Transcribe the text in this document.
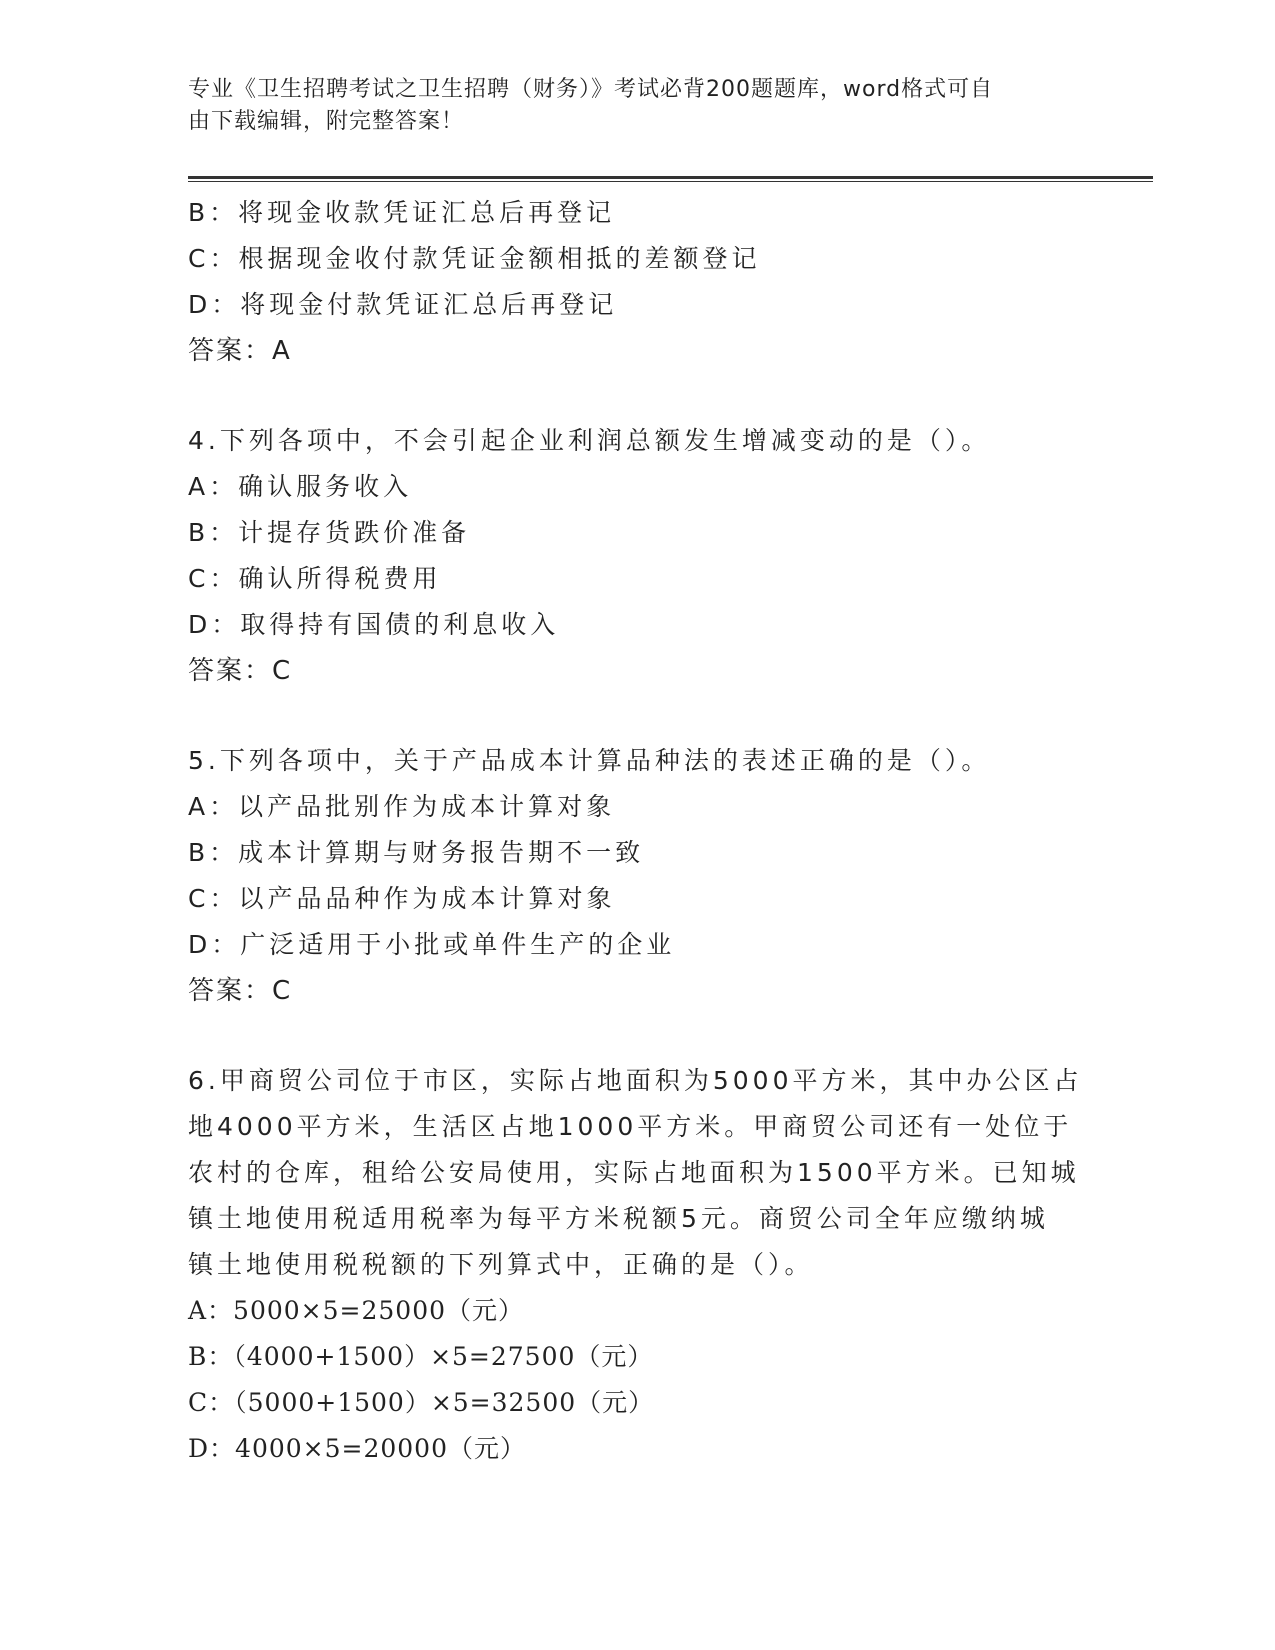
专业《卫生招聘考试之卫生招聘（财务）》考试必背200题题库，word格式可自
由下载编辑，附完整答案！
B：将现金收款凭证汇总后再登记
C：根据现金收付款凭证金额相抵的差额登记
D：将现金付款凭证汇总后再登记
答案：A
4.下列各项中，不会引起企业利润总额发生增减变动的是（）。
A：确认服务收入
B：计提存货跌价准备
C：确认所得税费用
D：取得持有国债的利息收入
答案：C
5.下列各项中，关于产品成本计算品种法的表述正确的是（）。
A：以产品批别作为成本计算对象
B：成本计算期与财务报告期不一致
C：以产品品种作为成本计算对象
D：广泛适用于小批或单件生产的企业
答案：C
6.甲商贸公司位于市区，实际占地面积为5000平方米，其中办公区占
地4000平方米，生活区占地1000平方米。甲商贸公司还有一处位于
农村的仓库，租给公安局使用，实际占地面积为1500平方米。已知城
镇土地使用税适用税率为每平方米税额5元。商贸公司全年应缴纳城
镇土地使用税税额的下列算式中，正确的是（）。
A：5000×5=25000（元）
B：（4000+1500）×5=27500（元）
C：（5000+1500）×5=32500（元）
D：4000×5=20000（元）
